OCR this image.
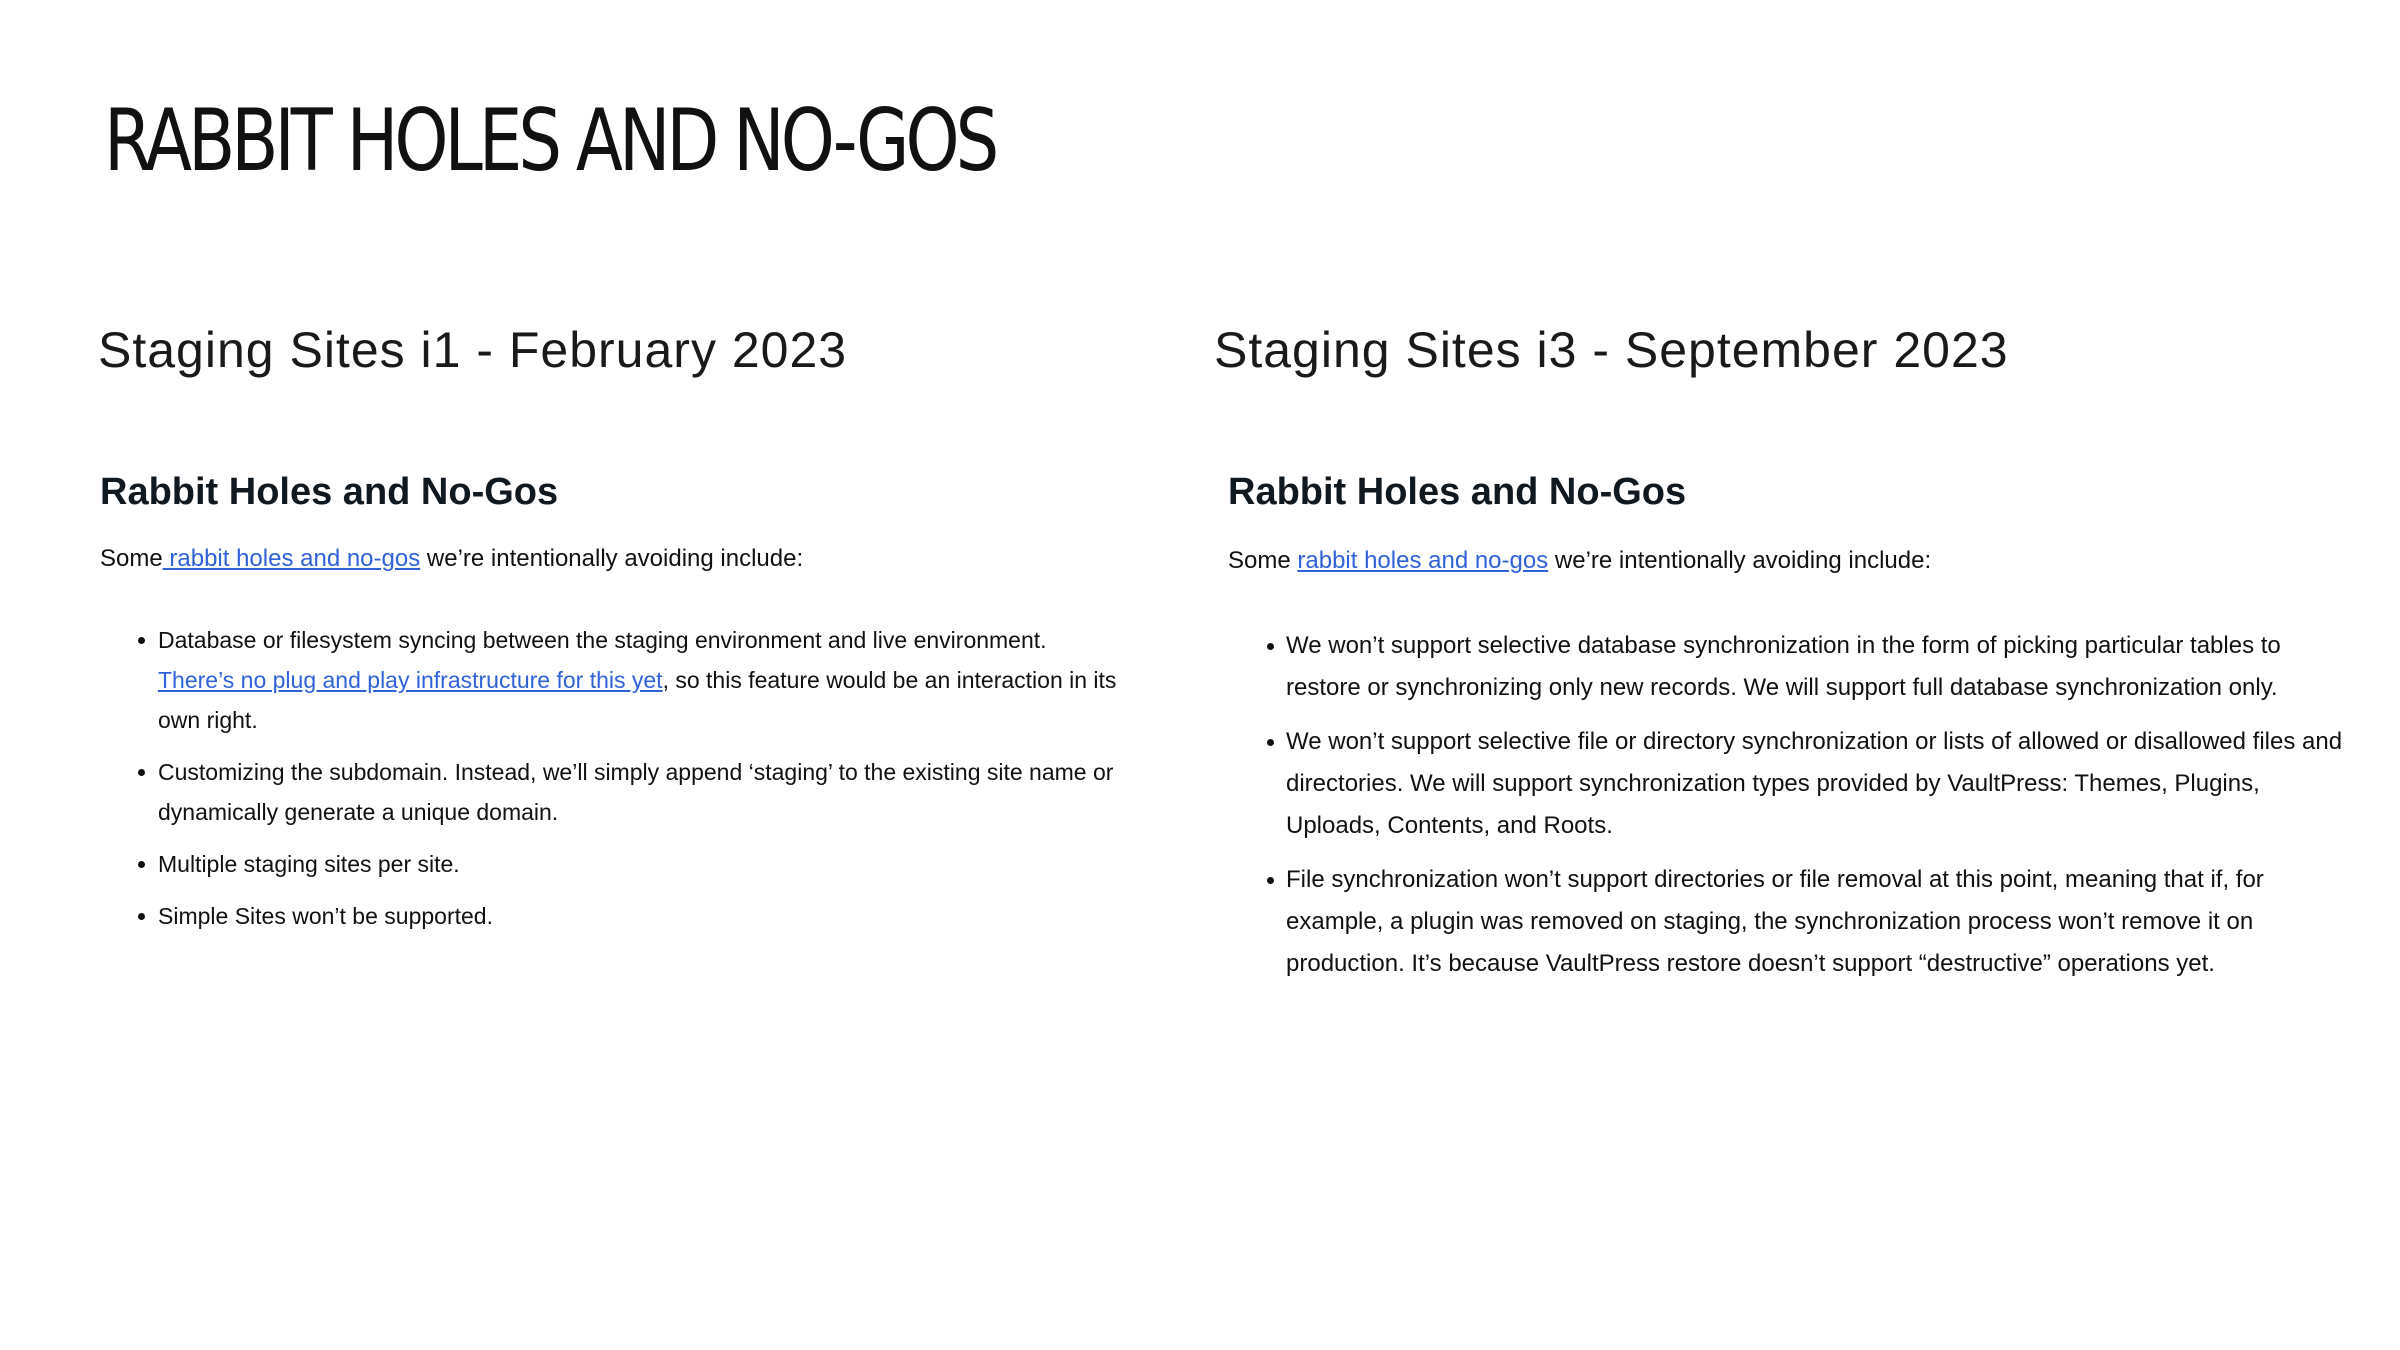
RABBIT HOLES AND NO-GOS
Staging Sites i1 - February 2023
Rabbit Holes and No-Gos

Some rabbit holes and no-gos we’re intentionally avoiding include:

Database or filesystem syncing between the staging environment and live environment.
There’s no plug and play infrastructure for this yet, so this feature would be an interaction in its own right.
Customizing the subdomain. Instead, we’ll simply append ‘staging’ to the existing site name or dynamically generate a unique domain.
Multiple staging sites per site.
Simple Sites won’t be supported.
Staging Sites i3 - September 2023
Rabbit Holes and No-Gos

Some rabbit holes and no-gos we’re intentionally avoiding include:

We won’t support selective database synchronization in the form of picking particular tables to restore or synchronizing only new records. We will support full database synchronization only.
We won’t support selective file or directory synchronization or lists of allowed or disallowed files and directories. We will support synchronization types provided by VaultPress: Themes, Plugins, Uploads, Contents, and Roots.
File synchronization won’t support directories or file removal at this point, meaning that if, for example, a plugin was removed on staging, the synchronization process won’t remove it on production. It’s because VaultPress restore doesn’t support “destructive” operations yet.
